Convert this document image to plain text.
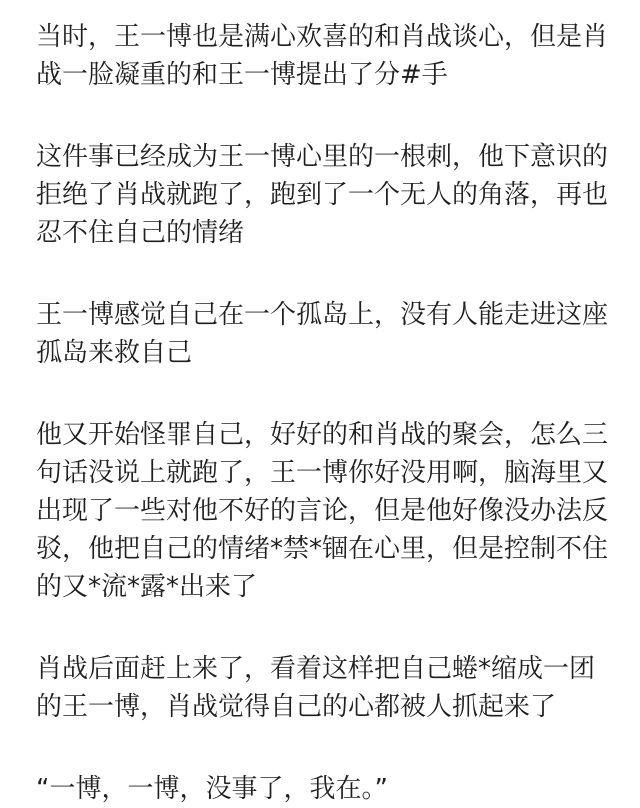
当时，王一博也是满心欢喜的和肖战谈心，但是肖战一脸凝重的和王一博提出了分#手

这件事已经成为王一博心里的一根刺，他下意识的拒绝了肖战就跑了，跑到了一个无人的角落，再也忍不住自己的情绪

王一博感觉自己在一个孤岛上，没有人能走进这座孤岛来救自己

他又开始怪罪自己，好好的和肖战的聚会，怎么三句话没说上就跑了，王一博你好没用啊，脑海里又出现了一些对他不好的言论，但是他好像没办法反驳，他把自己的情绪*禁*锢在心里，但是控制不住的又*流*露*出来了

肖战后面赶上来了，看着这样把自己蜷*缩成一团的王一博，肖战觉得自己的心都被人抓起来了

“一博，一博，没事了，我在。”
